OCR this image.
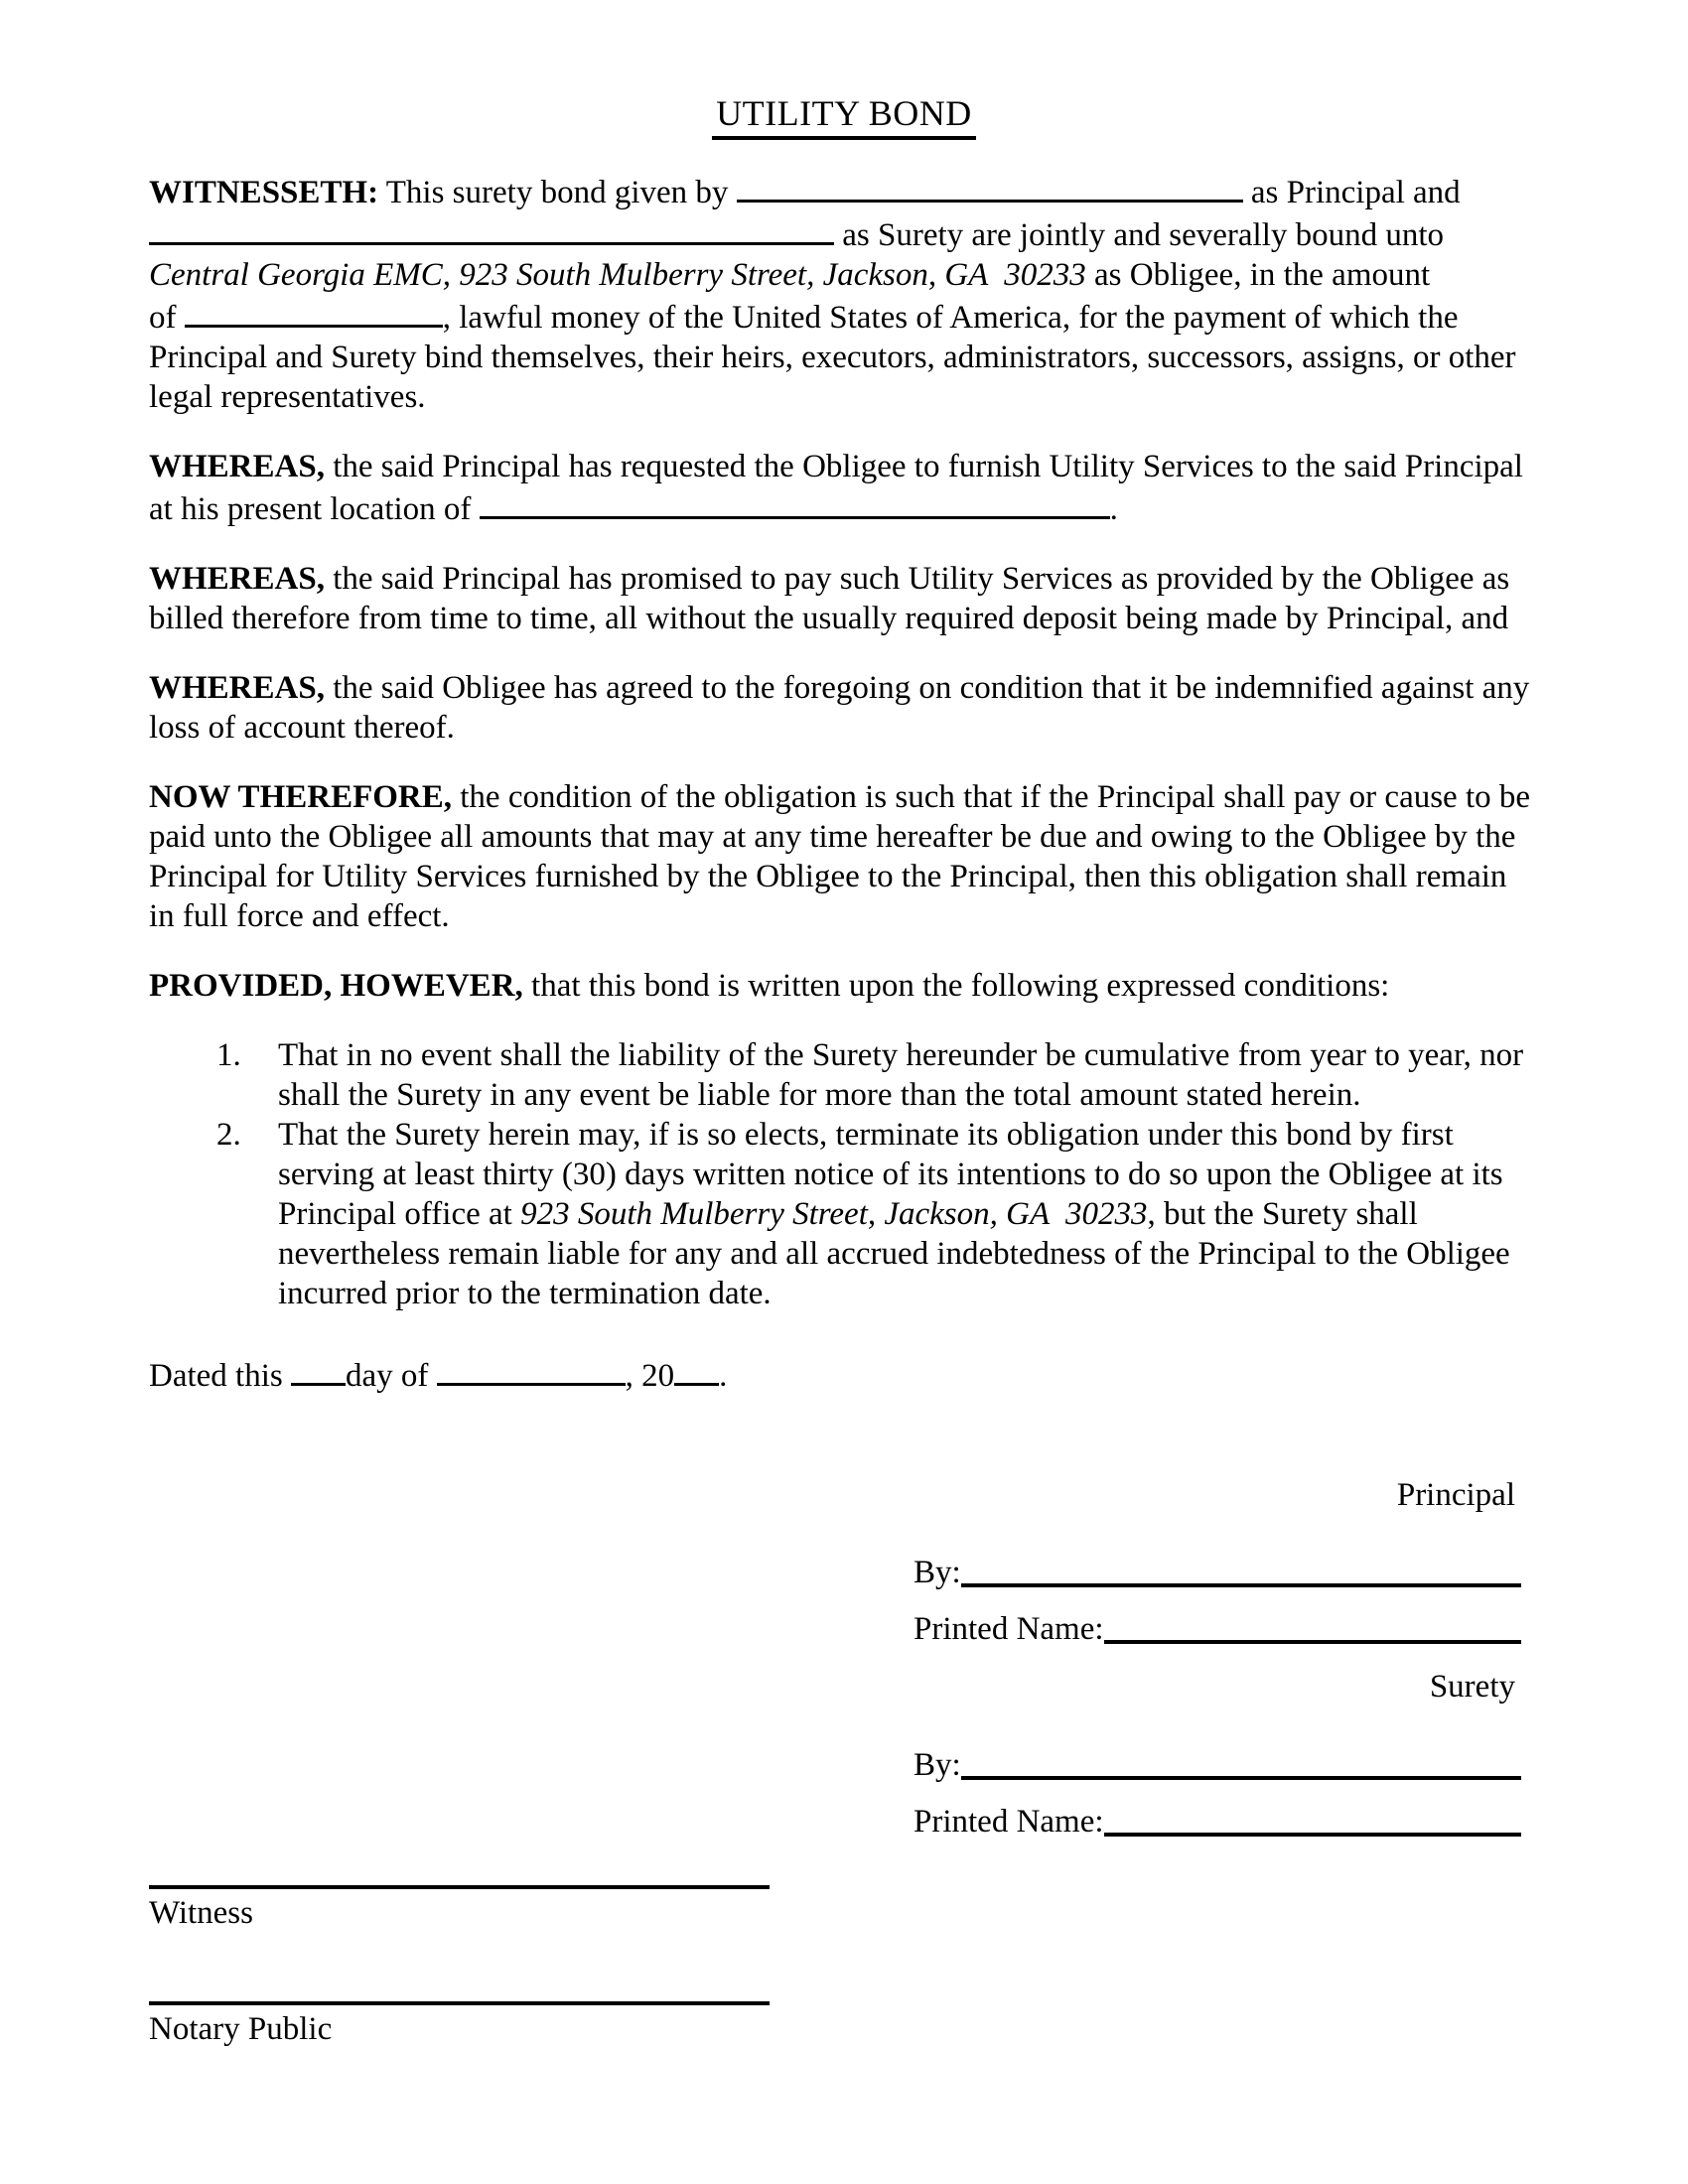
UTILITY BOND

WITNESSETH: This surety bond given by	as Principal and  as Surety are jointly and severally bound unto Central Georgia EMC, 923 South Mulberry Street, Jackson, GA  30233 as Obligee, in the amount of	, lawful money of the United States of America, for the payment of which the Principal and Surety bind themselves, their heirs, executors, administrators, successors, assigns, or other legal representatives.

WHEREAS, the said Principal has requested the Obligee to furnish Utility Services to the said Principal at his present location of	.

WHEREAS, the said Principal has promised to pay such Utility Services as provided by the Obligee as billed therefore from time to time, all without the usually required deposit being made by Principal, and

WHEREAS, the said Obligee has agreed to the foregoing on condition that it be indemnified against any loss of account thereof.

NOW THEREFORE, the condition of the obligation is such that if the Principal shall pay or cause to be paid unto the Obligee all amounts that may at any time hereafter be due and owing to the Obligee by the Principal for Utility Services furnished by the Obligee to the Principal, then this obligation shall remain in full force and effect.

PROVIDED, HOWEVER, that this bond is written upon the following expressed conditions:

1.	That in no event shall the liability of the Surety hereunder be cumulative from year to year, nor shall the Surety in any event be liable for more than the total amount stated herein.
2.	That the Surety herein may, if is so elects, terminate its obligation under this bond by first serving at least thirty (30) days written notice of its intentions to do so upon the Obligee at its Principal office at 923 South Mulberry Street, Jackson, GA  30233, but the Surety shall nevertheless remain liable for any and all accrued indebtedness of the Principal to the Obligee incurred prior to the termination date.

Dated this day of	, 20 .

Principal
By:
Printed Name:
Surety
By:
Printed Name:
Witness
Notary Public
